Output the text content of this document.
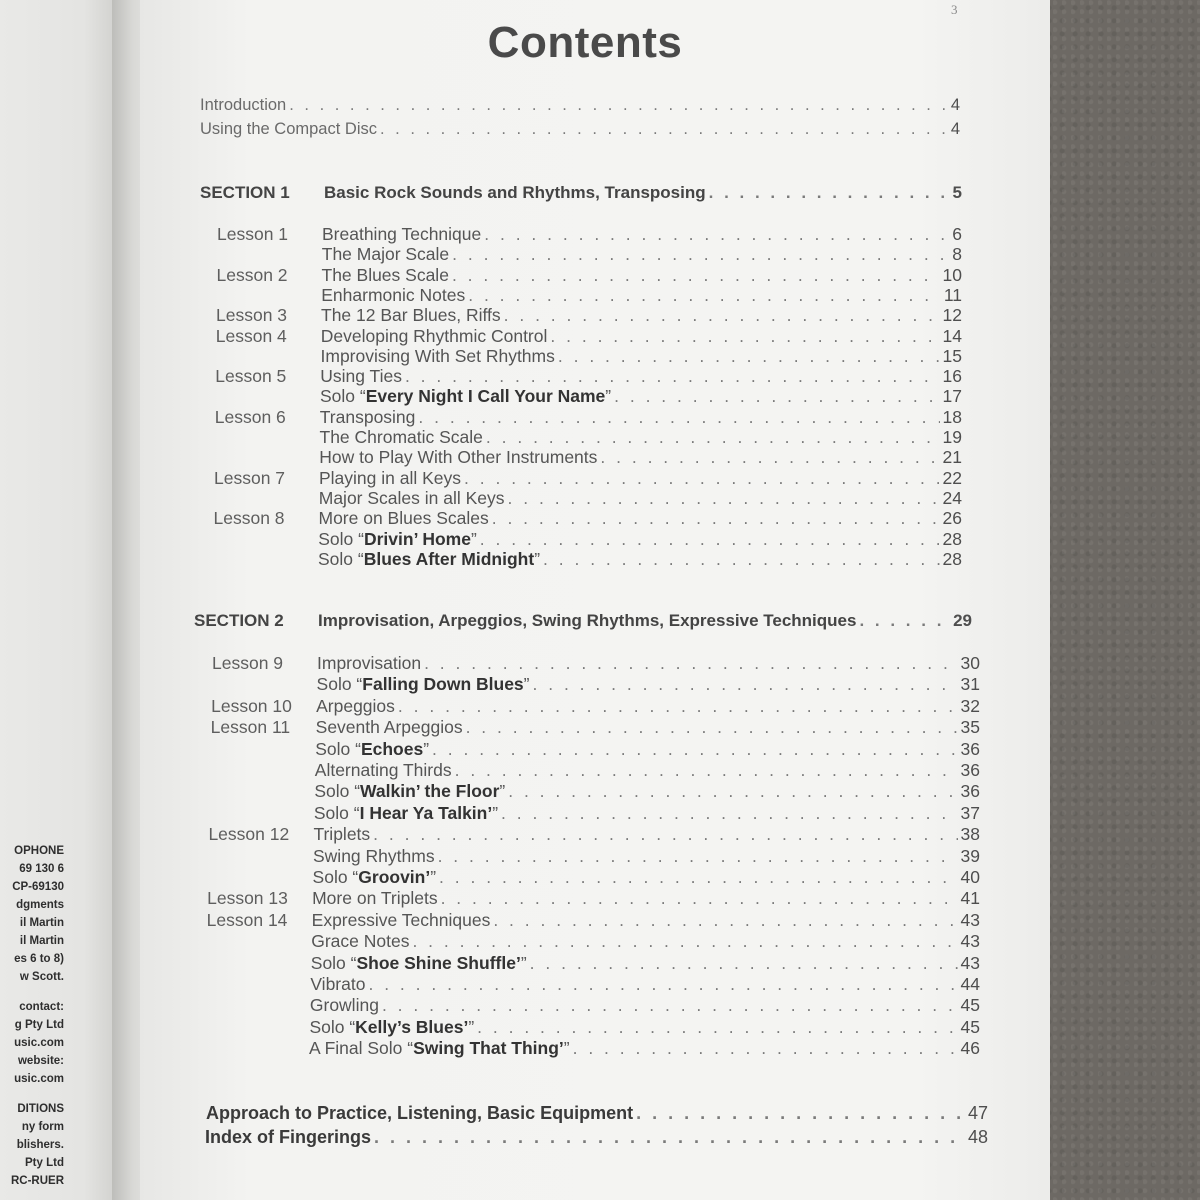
OPHONE
69 130 6
CP-69130
dgments
il Martin
il Martin
es 6 to 8)
w Scott.
contact:
g Pty Ltd
usic.com
website:
usic.com
DITIONS
ny form
blishers.
Pty Ltd
RC-RUER
3
Contents
Introduction . . .	4
Using the Compact Disc . . .	4
SECTION 1	Basic Rock Sounds and Rhythms, Transposing . . .	5
Lesson 1	Breathing Technique . . .	6
The Major Scale . . .	8
Lesson 2	The Blues Scale . . .	10
Enharmonic Notes . . .	11
Lesson 3	The 12 Bar Blues, Riffs . . .	12
Lesson 4	Developing Rhythmic Control . . .	14
Improvising With Set Rhythms . . .	15
Lesson 5	Using Ties . . .	16
Solo “Every Night I Call Your Name” . . .	17
Lesson 6	Transposing . . .	18
The Chromatic Scale . . .	19
How to Play With Other Instruments . . .	21
Lesson 7	Playing in all Keys . . .	22
Major Scales in all Keys . . .	24
Lesson 8	More on Blues Scales . . .	26
Solo “Drivin’ Home” . . .	28
Solo “Blues After Midnight” . . .	28
SECTION 2	Improvisation, Arpeggios, Swing Rhythms, Expressive Techniques . . .	29
Lesson 9	Improvisation . . .	30
Solo “Falling Down Blues” . . .	31
Lesson 10	Arpeggios . . .	32
Lesson 11	Seventh Arpeggios . . .	35
Solo “Echoes” . . .	36
Alternating Thirds . . .	36
Solo “Walkin’ the Floor” . . .	36
Solo “I Hear Ya Talkin’” . . .	37
Lesson 12	Triplets . . .	38
Swing Rhythms . . .	39
Solo “Groovin’” . . .	40
Lesson 13	More on Triplets . . .	41
Lesson 14	Expressive Techniques . . .	43
Grace Notes . . .	43
Solo “Shoe Shine Shuffle’” . . .	43
Vibrato . . .	44
Growling . . .	45
Solo “Kelly’s Blues’” . . .	45
A Final Solo “Swing That Thing’” . . .	46
Approach to Practice, Listening, Basic Equipment . . .	47
Index of Fingerings . . .	48
